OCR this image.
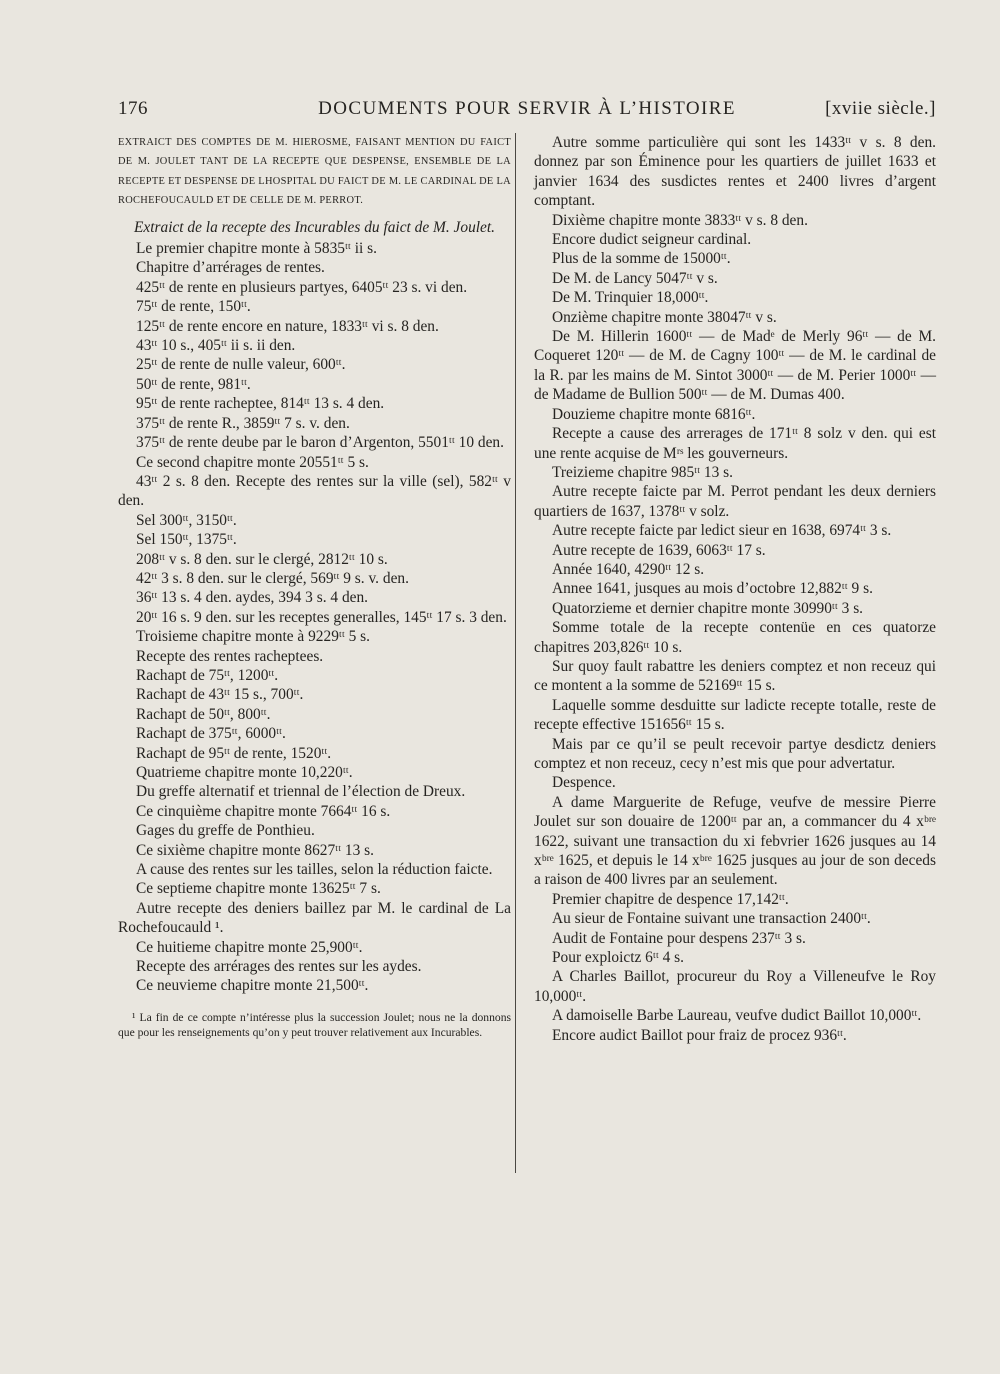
176	DOCUMENTS POUR SERVIR À L’HISTOIRE	[xviie siècle.]

EXTRAICT DES COMPTES DE M. HIEROSME, FAISANT MENTION DU FAICT DE M. JOULET TANT DE LA RECEPTE QUE DESPENSE, ENSEMBLE DE LA RECEPTE ET DESPENSE DE LHOSPITAL DU FAICT DE M. LE CARDINAL DE LA ROCHEFOUCAULD ET DE CELLE DE M. PERROT.

Extraict de la recepte des Incurables du faict de M. Joulet.

Le premier chapitre monte à 5835ᵗᵗ ii s.

Chapitre d’arrérages de rentes.

425ᵗᵗ de rente en plusieurs partyes, 6405ᵗᵗ 23 s. vi den.

75ᵗᵗ de rente, 150ᵗᵗ.

125ᵗᵗ de rente encore en nature, 1833ᵗᵗ vi s. 8 den.

43ᵗᵗ 10 s., 405ᵗᵗ ii s. ii den.

25ᵗᵗ de rente de nulle valeur, 600ᵗᵗ.

50ᵗᵗ de rente, 981ᵗᵗ.

95ᵗᵗ de rente racheptee, 814ᵗᵗ 13 s. 4 den.

375ᵗᵗ de rente R., 3859ᵗᵗ 7 s. v. den.

375ᵗᵗ de rente deube par le baron d’Argenton, 5501ᵗᵗ 10 den.

Ce second chapitre monte 20551ᵗᵗ 5 s.

43ᵗᵗ 2 s. 8 den. Recepte des rentes sur la ville (sel), 582ᵗᵗ v den.

Sel 300ᵗᵗ, 3150ᵗᵗ.

Sel 150ᵗᵗ, 1375ᵗᵗ.

208ᵗᵗ v s. 8 den. sur le clergé, 2812ᵗᵗ 10 s.

42ᵗᵗ 3 s. 8 den. sur le clergé, 569ᵗᵗ 9 s. v. den.

36ᵗᵗ 13 s. 4 den. aydes, 394 3 s. 4 den.

20ᵗᵗ 16 s. 9 den. sur les receptes generalles, 145ᵗᵗ 17 s. 3 den.

Troisieme chapitre monte à 9229ᵗᵗ 5 s.

Recepte des rentes racheptees.

Rachapt de 75ᵗᵗ, 1200ᵗᵗ.

Rachapt de 43ᵗᵗ 15 s., 700ᵗᵗ.

Rachapt de 50ᵗᵗ, 800ᵗᵗ.

Rachapt de 375ᵗᵗ, 6000ᵗᵗ.

Rachapt de 95ᵗᵗ de rente, 1520ᵗᵗ.

Quatrieme chapitre monte 10,220ᵗᵗ.

Du greffe alternatif et triennal de l’élection de Dreux.

Ce cinquième chapitre monte 7664ᵗᵗ 16 s.

Gages du greffe de Ponthieu.

Ce sixième chapitre monte 8627ᵗᵗ 13 s.

A cause des rentes sur les tailles, selon la réduction faicte.

Ce septieme chapitre monte 13625ᵗᵗ 7 s.

Autre recepte des deniers baillez par M. le cardinal de La Rochefoucauld ¹.

Ce huitieme chapitre monte 25,900ᵗᵗ.

Recepte des arrérages des rentes sur les aydes.

Ce neuvieme chapitre monte 21,500ᵗᵗ.

¹ La fin de ce compte n’intéresse plus la succession Joulet; nous ne la donnons que pour les renseignements qu’on y peut trouver relativement aux Incurables.

Autre somme particulière qui sont les 1433ᵗᵗ v s. 8 den. donnez par son Éminence pour les quartiers de juillet 1633 et janvier 1634 des susdictes rentes et 2400 livres d’argent comptant.

Dixième chapitre monte 3833ᵗᵗ v s. 8 den.

Encore dudict seigneur cardinal.

Plus de la somme de 15000ᵗᵗ.

De M. de Lancy 5047ᵗᵗ v s.

De M. Trinquier 18,000ᵗᵗ.

Onzième chapitre monte 38047ᵗᵗ v s.

De M. Hillerin 1600ᵗᵗ — de Madᵉ de Merly 96ᵗᵗ — de M. Coqueret 120ᵗᵗ — de M. de Cagny 100ᵗᵗ — de M. le cardinal de la R. par les mains de M. Sintot 3000ᵗᵗ — de M. Perier 1000ᵗᵗ — de Madame de Bullion 500ᵗᵗ — de M. Dumas 400.

Douzieme chapitre monte 6816ᵗᵗ.

Recepte a cause des arrerages de 171ᵗᵗ 8 solz v den. qui est une rente acquise de Mʳˢ les gouverneurs.

Treizieme chapitre 985ᵗᵗ 13 s.

Autre recepte faicte par M. Perrot pendant les deux derniers quartiers de 1637, 1378ᵗᵗ v solz.

Autre recepte faicte par ledict sieur en 1638, 6974ᵗᵗ 3 s.

Autre recepte de 1639, 6063ᵗᵗ 17 s.

Année 1640, 4290ᵗᵗ 12 s.

Annee 1641, jusques au mois d’octobre 12,882ᵗᵗ 9 s.

Quatorzieme et dernier chapitre monte 30990ᵗᵗ 3 s.

Somme totale de la recepte contenüe en ces quatorze chapitres 203,826ᵗᵗ 10 s.

Sur quoy fault rabattre les deniers comptez et non receuz qui ce montent a la somme de 52169ᵗᵗ 15 s.

Laquelle somme desduitte sur ladicte recepte totalle, reste de recepte effective 151656ᵗᵗ 15 s.

Mais par ce qu’il se peult recevoir partye desdictz deniers comptez et non receuz, cecy n’est mis que pour advertatur.

Despence.

A dame Marguerite de Refuge, veufve de messire Pierre Joulet sur son douaire de 1200ᵗᵗ par an, a commancer du 4 xᵇʳᵉ 1622, suivant une transaction du xi febvrier 1626 jusques au 14 xᵇʳᵉ 1625, et depuis le 14 xᵇʳᵉ 1625 jusques au jour de son deceds a raison de 400 livres par an seulement.

Premier chapitre de despence 17,142ᵗᵗ.

Au sieur de Fontaine suivant une transaction 2400ᵗᵗ.

Audit de Fontaine pour despens 237ᵗᵗ 3 s.

Pour exploictz 6ᵗᵗ 4 s.

A Charles Baillot, procureur du Roy a Villeneufve le Roy 10,000ᵗᵗ.

A damoiselle Barbe Laureau, veufve dudict Baillot 10,000ᵗᵗ.

Encore audict Baillot pour fraiz de procez 936ᵗᵗ.
